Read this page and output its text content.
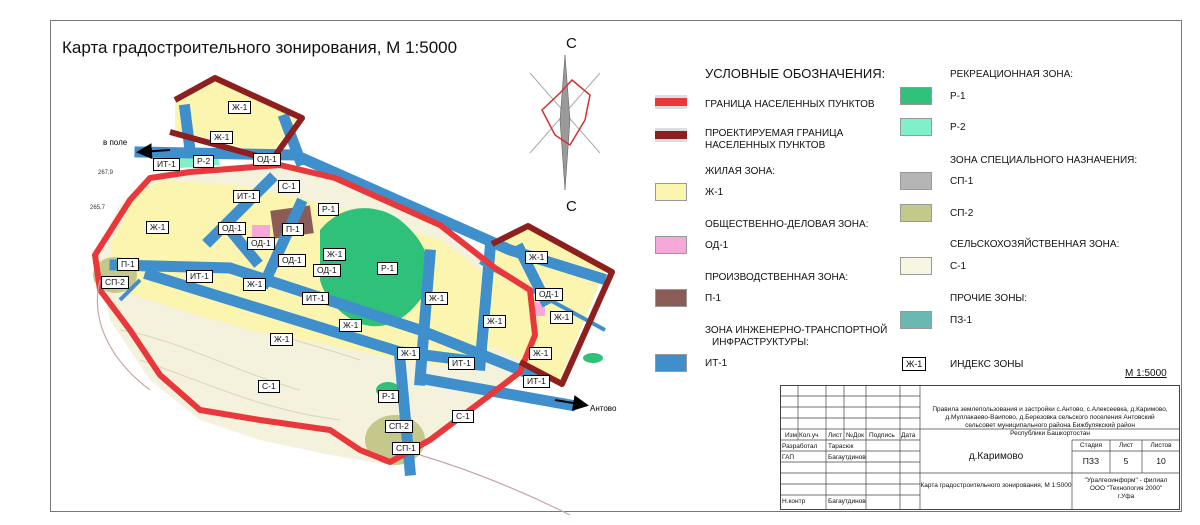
Карта градостроительного зонирования, М 1:5000	С
С
Ж-1
Ж-1
Р-2
ИТ-1	ОД-1
С-1
ИТ-1
Р-1
Ж-1	ОД-1	П-1
ОД-1
Ж-1
ОД-1
ОД-1	Р-1
П-1
СП-2
ИТ-1
Ж-1
ИТ-1	Ж-1
Ж-1
Ж-1
Ж-1
Ж-1
ОД-1
Ж-1
Ж-1
Ж-1
ИТ-1
ИТ-1
С-1
Р-1
С-1
СП-2
СП-1
в поле
Антово
267,9
265,7
УСЛОВНЫЕ ОБОЗНАЧЕНИЯ:
ГРАНИЦА НАСЕЛЕННЫХ ПУНКТОВ
ПРОЕКТИРУЕМАЯ ГРАНИЦА
НАСЕЛЕННЫХ ПУНКТОВ
ЖИЛАЯ ЗОНА:
Ж-1
ОБЩЕСТВЕННО-ДЕЛОВАЯ ЗОНА:
ОД-1
ПРОИЗВОДСТВЕННАЯ ЗОНА:
П-1
ЗОНА ИНЖЕНЕРНО-ТРАНСПОРТНОЙ
ИНФРАСТРУКТУРЫ:
ИТ-1
РЕКРЕАЦИОННАЯ ЗОНА:
Р-1
Р-2
ЗОНА СПЕЦИАЛЬНОГО НАЗНАЧЕНИЯ:
СП-1
СП-2
СЕЛЬСКОХОЗЯЙСТВЕННАЯ ЗОНА:
С-1
ПРОЧИЕ ЗОНЫ:
ПЗ-1
Ж-1	ИНДЕКС ЗОНЫ
М 1:5000
Правила землепользования и застройки с.Антово, с.Алексеевка, д.Каримово,
д.Муллакаево-Ваипово, д.Березовка сельского поселения Антовский
сельсовет муниципального района Бижбулякский район
Республики Башкортостан
Изм Кол.уч Лист №Док Подпись Дата
Разработал Тарасюк
ГАП	Багаутдинов
Н.контр	Багаутдинов
д.Каримово
Стадия	Лист	Листов
ПЗЗ	5	10
Карта градостроительного зонирования, М 1:5000
"Уралгеоинформ" - филиал
ООО "Технология 2000"
г.Уфа
